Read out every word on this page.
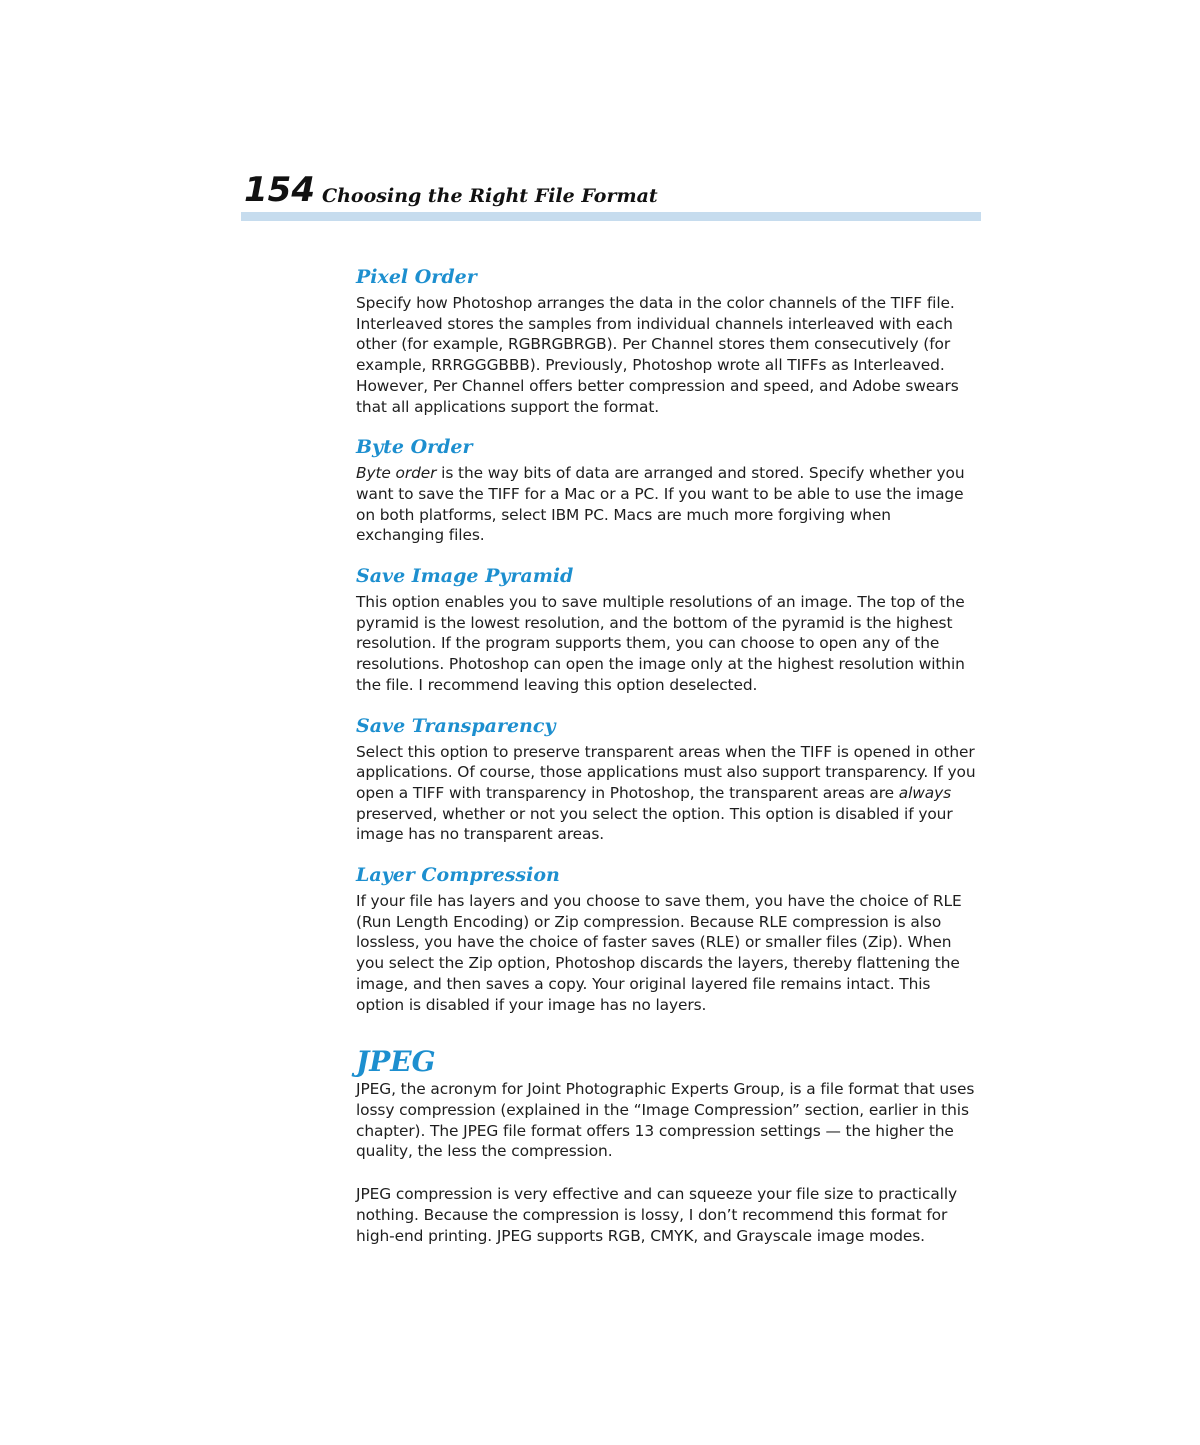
154 Choosing the Right File Format
Pixel Order

Specify how Photoshop arranges the data in the color channels of the TIFF file. Interleaved stores the samples from individual channels interleaved with each other (for example, RGBRGBRGB). Per Channel stores them consecutively (for example, RRRGGGBBB). Previously, Photoshop wrote all TIFFs as Interleaved. However, Per Channel offers better compression and speed, and Adobe swears that all applications support the format.

Byte Order

Byte order is the way bits of data are arranged and stored. Specify whether you want to save the TIFF for a Mac or a PC. If you want to be able to use the image on both platforms, select IBM PC. Macs are much more forgiving when exchanging files.

Save Image Pyramid

This option enables you to save multiple resolutions of an image. The top of the pyramid is the lowest resolution, and the bottom of the pyramid is the highest resolution. If the program supports them, you can choose to open any of the resolutions. Photoshop can open the image only at the highest resolution within the file. I recommend leaving this option deselected.

Save Transparency

Select this option to preserve transparent areas when the TIFF is opened in other applications. Of course, those applications must also support transparency. If you open a TIFF with transparency in Photoshop, the transparent areas are always preserved, whether or not you select the option. This option is disabled if your image has no transparent areas.

Layer Compression

If your file has layers and you choose to save them, you have the choice of RLE (Run Length Encoding) or Zip compression. Because RLE compression is also lossless, you have the choice of faster saves (RLE) or smaller files (Zip). When you select the Zip option, Photoshop discards the layers, thereby flattening the image, and then saves a copy. Your original layered file remains intact. This option is disabled if your image has no layers.

JPEG

JPEG, the acronym for Joint Photographic Experts Group, is a file format that uses lossy compression (explained in the “Image Compression” section, earlier in this chapter). The JPEG file format offers 13 compression settings — the higher the quality, the less the compression.

JPEG compression is very effective and can squeeze your file size to practically nothing. Because the compression is lossy, I don’t recommend this format for high-end printing. JPEG supports RGB, CMYK, and Grayscale image modes.
